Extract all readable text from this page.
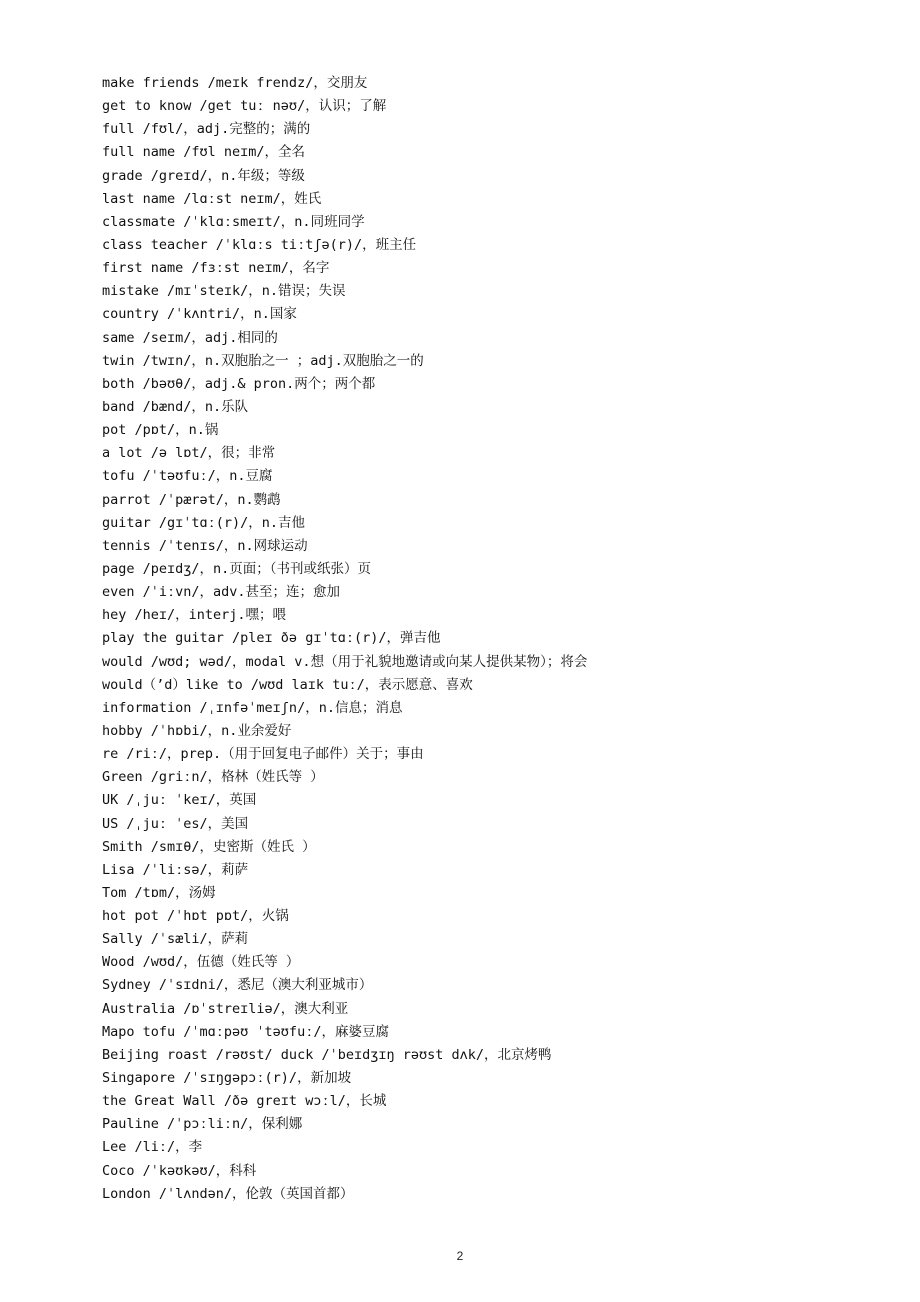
make friends /meɪk frendz/，交朋友
get to know /get tuː nəʊ/，认识；了解
full /fʊl/，adj.完整的；满的
full name /fʊl neɪm/，全名
grade /greɪd/，n.年级；等级
last name /lɑːst neɪm/，姓氏
classmate /ˈklɑːsmeɪt/，n.同班同学
class teacher /ˈklɑːs tiːtʃə(r)/，班主任
first name /fɜːst neɪm/，名字
mistake /mɪˈsteɪk/，n.错误；失误
country /ˈkʌntri/，n.国家
same /seɪm/，adj.相同的
twin /twɪn/，n.双胞胎之一 ；adj.双胞胎之一的
both /bəʊθ/，adj.& pron.两个；两个都
band /bænd/，n.乐队
pot /pɒt/，n.锅
a lot /ə lɒt/，很；非常
tofu /ˈtəʊfuː/，n.豆腐
parrot /ˈpærət/，n.鹦鹉
guitar /gɪˈtɑː(r)/，n.吉他
tennis /ˈtenɪs/，n.网球运动
page /peɪdʒ/，n.页面；（书刊或纸张）页
even /ˈiːvn/，adv.甚至；连；愈加
hey /heɪ/，interj.嘿；喂
play the guitar /pleɪ ðə gɪˈtɑː(r)/，弹吉他
would /wʊd; wəd/，modal v.想（用于礼貌地邀请或向某人提供某物）；将会
would（’d）like to /wʊd laɪk tuː/，表示愿意、喜欢
information /ˌɪnfəˈmeɪʃn/，n.信息；消息
hobby /ˈhɒbi/，n.业余爱好
re /riː/，prep.（用于回复电子邮件）关于；事由
Green /griːn/，格林（姓氏等 ）
UK /ˌjuː ˈkeɪ/，英国
US /ˌjuː ˈes/，美国
Smith /smɪθ/，史密斯（姓氏 ）
Lisa /ˈliːsə/，莉萨
Tom /tɒm/，汤姆
hot pot /ˈhɒt pɒt/，火锅
Sally /ˈsæli/，萨莉
Wood /wʊd/，伍德（姓氏等 ）
Sydney /ˈsɪdni/，悉尼（澳大利亚城市）
Australia /ɒˈstreɪliə/，澳大利亚
Mapo tofu /ˈmɑːpəʊ ˈtəʊfuː/，麻婆豆腐
Beijing roast /rəʊst/ duck /ˈbeɪdʒɪŋ rəʊst dʌk/，北京烤鸭
Singapore /ˈsɪŋgəpɔː(r)/，新加坡
the Great Wall /ðə greɪt wɔːl/，长城
Pauline /ˈpɔːliːn/，保利娜
Lee /liː/，李
Coco /ˈkəʊkəʊ/，科科
London /ˈlʌndən/，伦敦（英国首都）
2
